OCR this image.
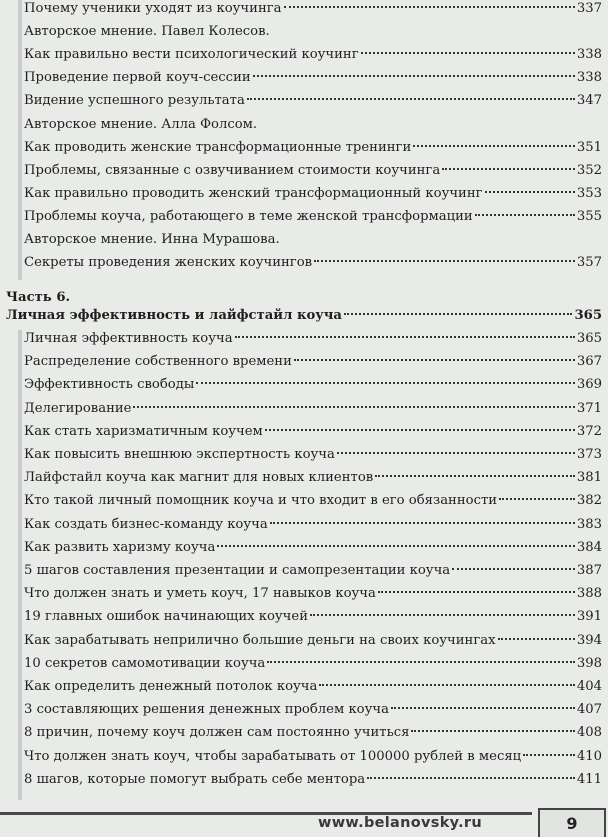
Почему ученики уходят из коучинга	337
Авторское мнение. Павел Колесов.
Как правильно вести психологический коучинг	338
Проведение первой коуч-сессии	338
Видение успешного результата	347
Авторское мнение. Алла Фолсом.
Как проводить женские трансформационные тренинги	351
Проблемы, связанные с озвучиванием стоимости коучинга	352
Как правильно проводить женский трансформационный коучинг	353
Проблемы коуча, работающего в теме женской трансформации	355
Авторское мнение. Инна Мурашова.
Секреты проведения женских коучингов	357
Часть 6.
Личная эффективность и лайфстайл коуча	365
Личная эффективность коуча	365
Распределение собственного времени	367
Эффективность свободы	369
Делегирование	371
Как стать харизматичным коучем	372
Как повысить внешнюю экспертность коуча	373
Лайфстайл коуча как магнит для новых клиентов	381
Кто такой личный помощник коуча и что входит в его обязанности	382
Как создать бизнес-команду коуча	383
Как развить харизму коуча	384
5 шагов составления презентации и самопрезентации коуча	387
Что должен знать и уметь коуч, 17 навыков коуча	388
19 главных ошибок начинающих коучей	391
Как зарабатывать неприлично большие деньги на своих коучингах	394
10 секретов самомотивации коуча	398
Как определить денежный потолок коуча	404
3 составляющих решения денежных проблем коуча	407
8 причин, почему коуч должен сам постоянно учиться	408
Что должен знать коуч, чтобы зарабатывать от 100000 рублей в месяц	410
8 шагов, которые помогут выбрать себе ментора	411
www.belanovsky.ru	9
